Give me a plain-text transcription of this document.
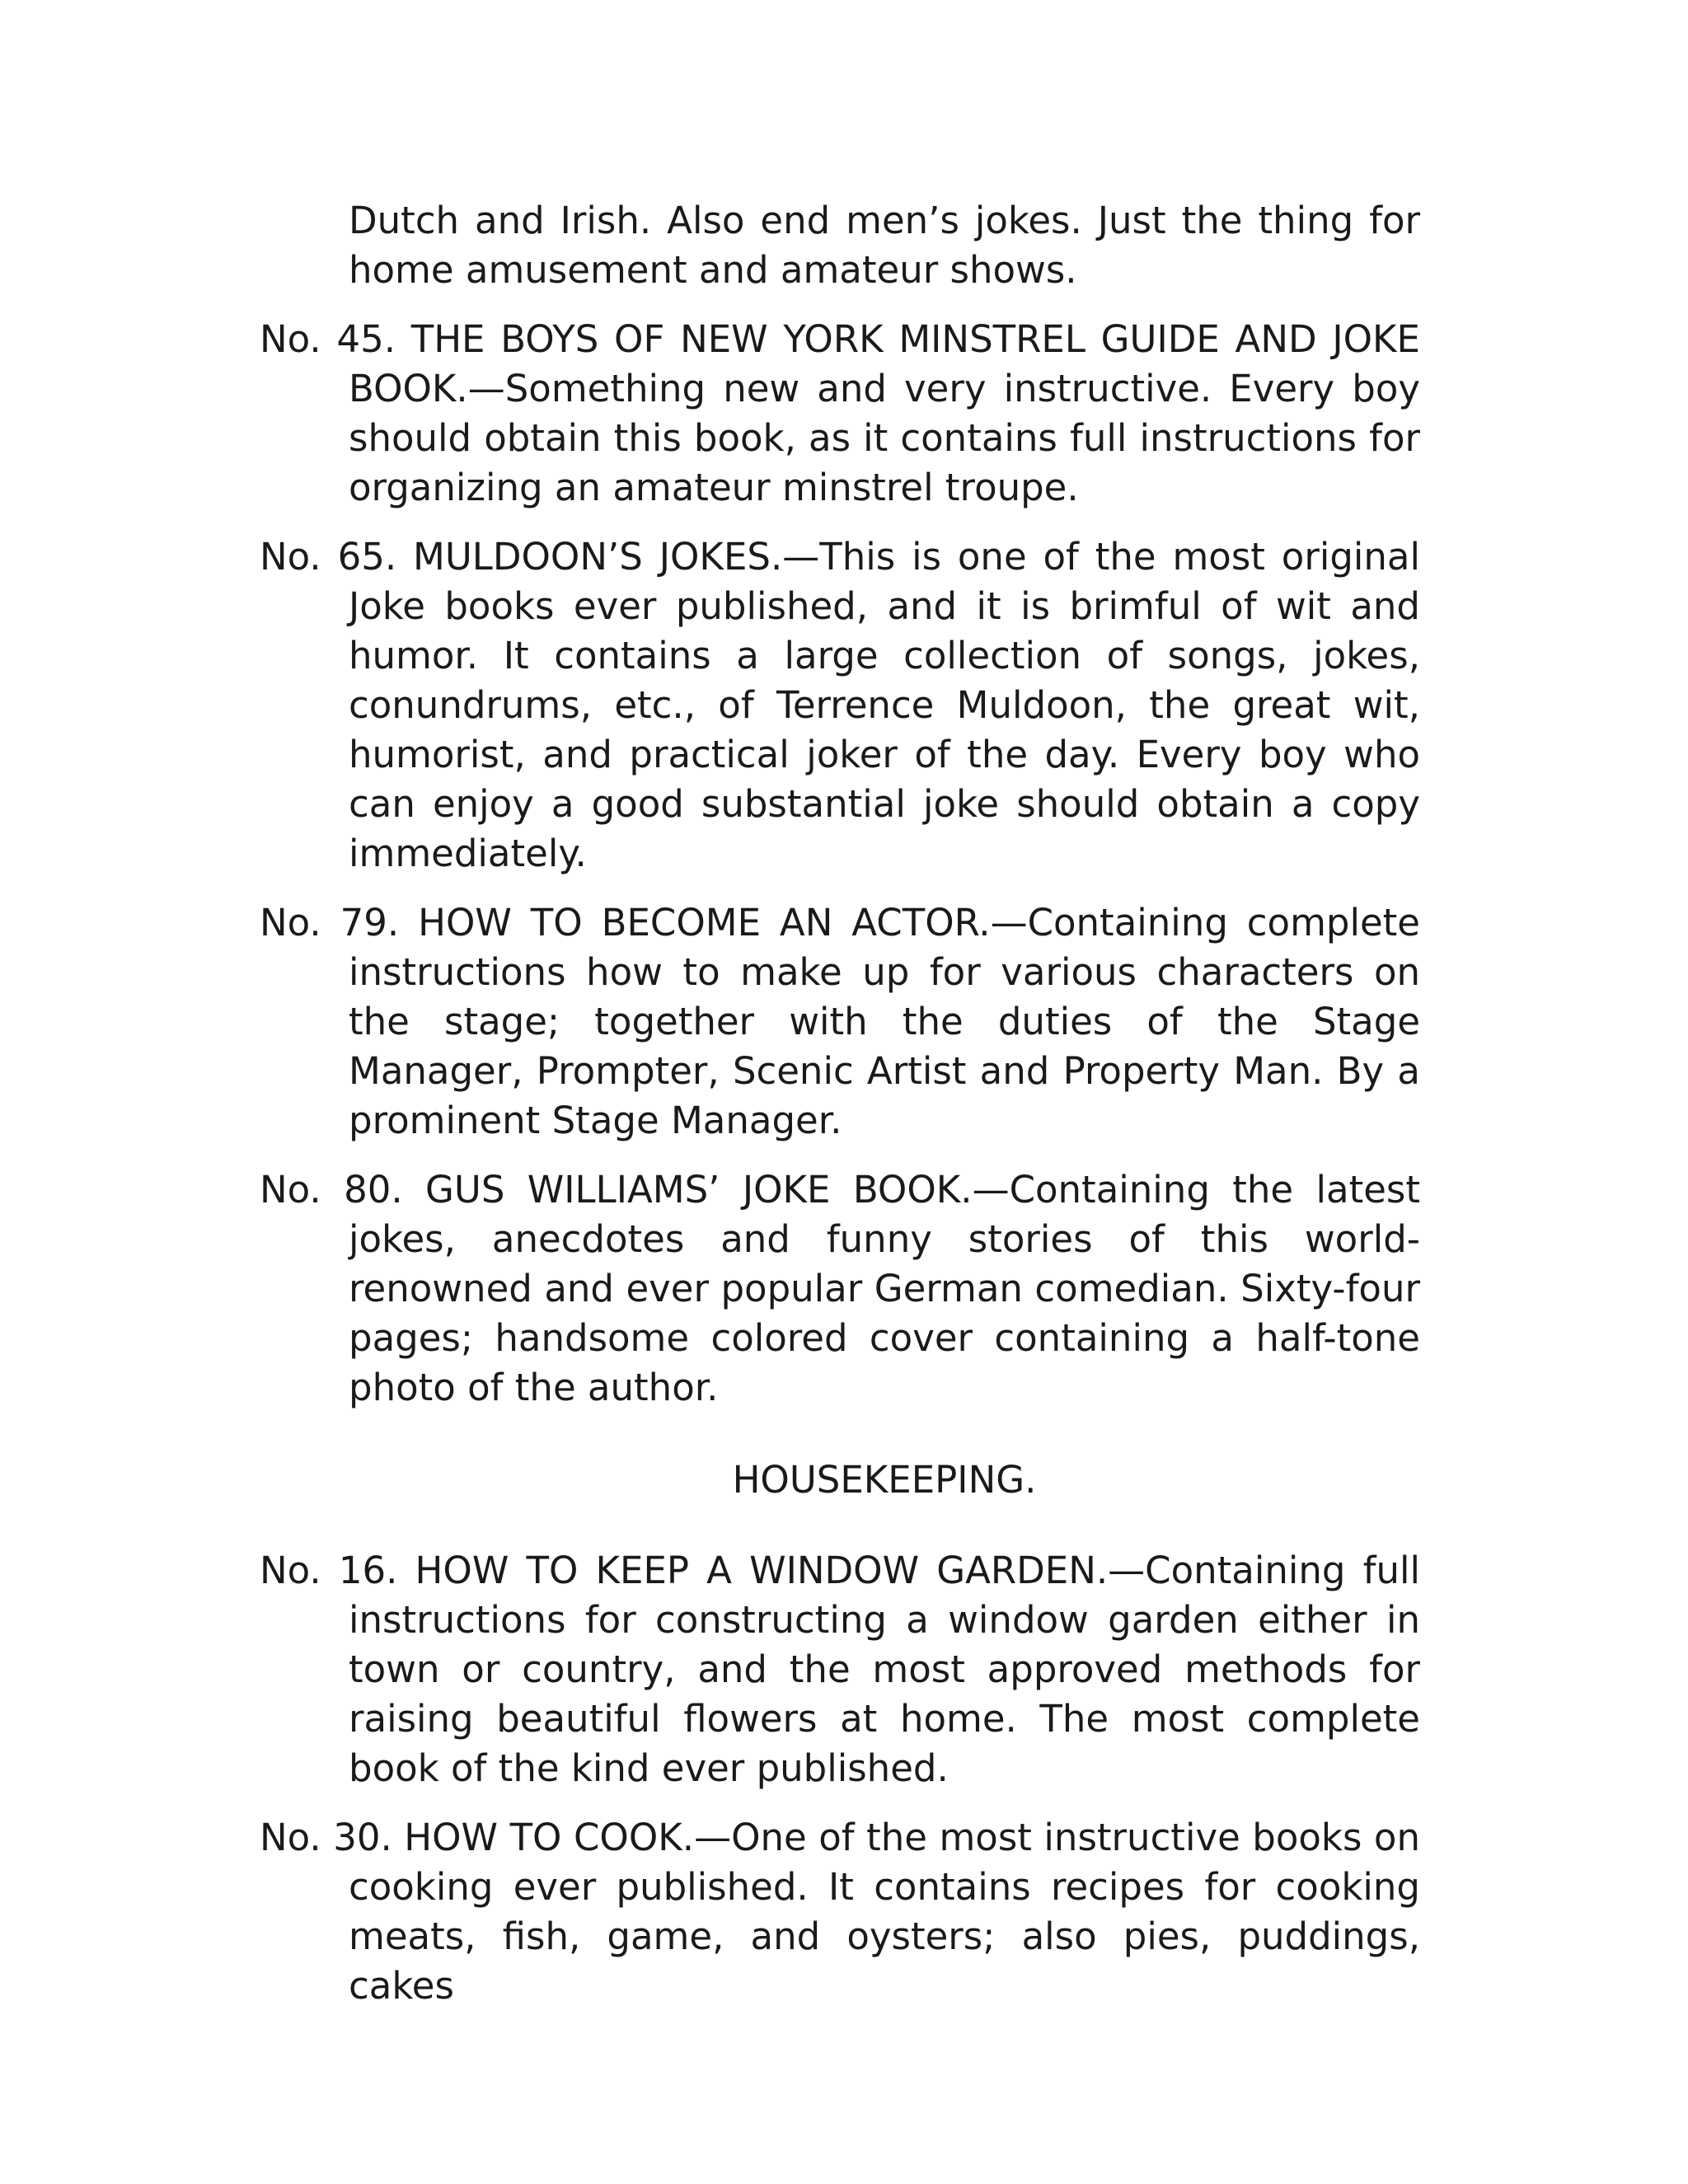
Dutch and Irish. Also end men’s jokes. Just the thing for home amusement and amateur shows.

No. 45. THE BOYS OF NEW YORK MINSTREL GUIDE AND JOKE BOOK.—Something new and very instructive. Every boy should obtain this book, as it contains full instructions for organizing an amateur minstrel troupe.

No. 65. MULDOON’S JOKES.—This is one of the most original Joke books ever published, and it is brimful of wit and humor. It contains a large collection of songs, jokes, conundrums, etc., of Terrence Muldoon, the great wit, humorist, and practical joker of the day. Every boy who can enjoy a good substantial joke should obtain a copy immediately.

No. 79. HOW TO BECOME AN ACTOR.—Containing complete instructions how to make up for various characters on the stage; together with the duties of the Stage Manager, Prompter, Scenic Artist and Property Man. By a prominent Stage Manager.

No. 80. GUS WILLIAMS’ JOKE BOOK.—Containing the latest jokes, anecdotes and funny stories of this world-renowned and ever popular German comedian. Sixty-four pages; handsome colored cover containing a half-tone photo of the author.

HOUSEKEEPING.

No. 16. HOW TO KEEP A WINDOW GARDEN.—Containing full instructions for constructing a window garden either in town or country, and the most approved methods for raising beautiful flowers at home. The most complete book of the kind ever published.

No. 30. HOW TO COOK.—One of the most instructive books on cooking ever published. It contains recipes for cooking meats, fish, game, and oysters; also pies, puddings, cakes
